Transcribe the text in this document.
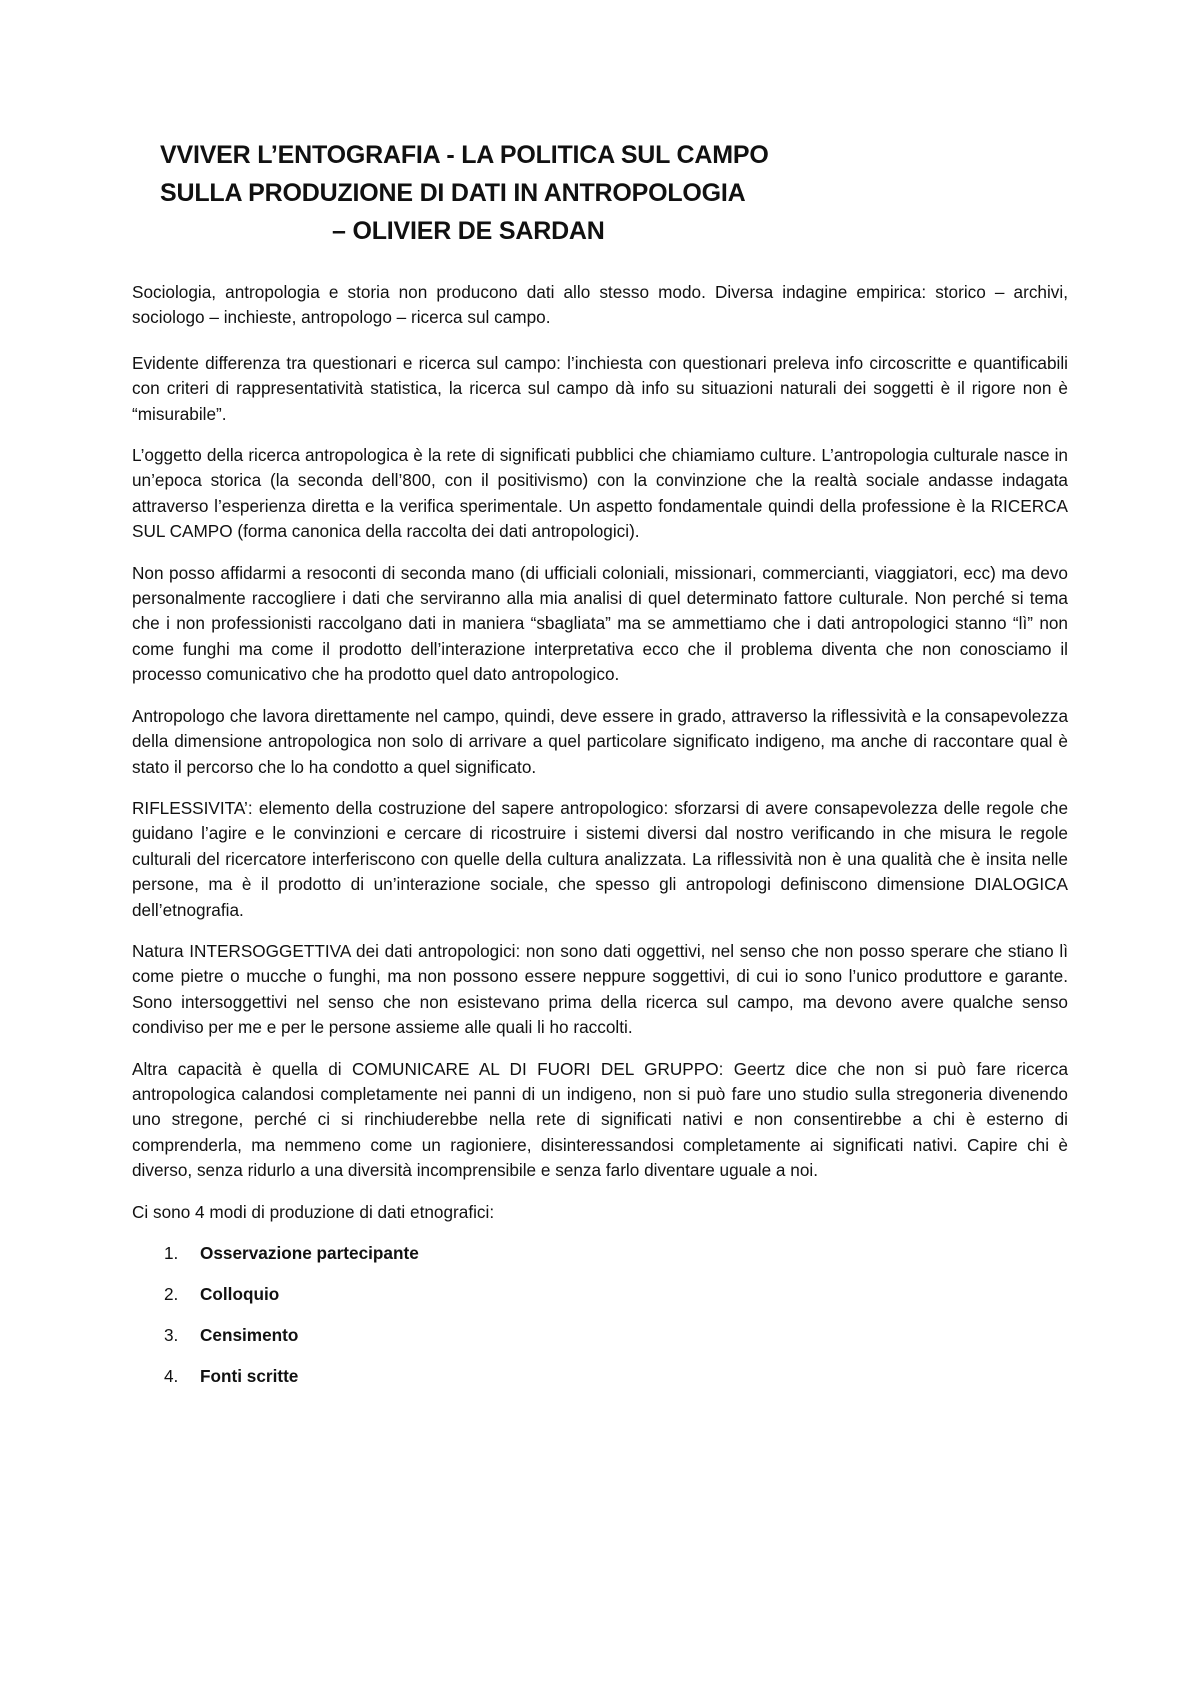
VVIVER L’ENTOGRAFIA - LA POLITICA SUL CAMPO
SULLA PRODUZIONE DI DATI IN ANTROPOLOGIA
– OLIVIER DE SARDAN

Sociologia, antropologia e storia non producono dati allo stesso modo. Diversa indagine empirica: storico – archivi, sociologo – inchieste, antropologo – ricerca sul campo.

Evidente differenza tra questionari e ricerca sul campo: l’inchiesta con questionari preleva info circoscritte e quantificabili con criteri di rappresentatività statistica, la ricerca sul campo dà info su situazioni naturali dei soggetti è il rigore non è “misurabile”.

L’oggetto della ricerca antropologica è la rete di significati pubblici che chiamiamo culture. L’antropologia culturale nasce in un’epoca storica (la seconda dell’800, con il positivismo) con la convinzione che la realtà sociale andasse indagata attraverso l’esperienza diretta e la verifica sperimentale. Un aspetto fondamentale quindi della professione è la RICERCA SUL CAMPO (forma canonica della raccolta dei dati antropologici).

Non posso affidarmi a resoconti di seconda mano (di ufficiali coloniali, missionari, commercianti, viaggiatori, ecc) ma devo personalmente raccogliere i dati che serviranno alla mia analisi di quel determinato fattore culturale. Non perché si tema che i non professionisti raccolgano dati in maniera “sbagliata” ma se ammettiamo che i dati antropologici stanno “lì” non come funghi ma come il prodotto dell’interazione interpretativa ecco che il problema diventa che non conosciamo il processo comunicativo che ha prodotto quel dato antropologico.

Antropologo che lavora direttamente nel campo, quindi, deve essere in grado, attraverso la riflessività e la consapevolezza della dimensione antropologica non solo di arrivare a quel particolare significato indigeno, ma anche di raccontare qual è stato il percorso che lo ha condotto a quel significato.

RIFLESSIVITA’: elemento della costruzione del sapere antropologico: sforzarsi di avere consapevolezza delle regole che guidano l’agire e le convinzioni e cercare di ricostruire i sistemi diversi dal nostro verificando in che misura le regole culturali del ricercatore interferiscono con quelle della cultura analizzata. La riflessività non è una qualità che è insita nelle persone, ma è il prodotto di un’interazione sociale, che spesso gli antropologi definiscono dimensione DIALOGICA dell’etnografia.

Natura INTERSOGGETTIVA dei dati antropologici: non sono dati oggettivi, nel senso che non posso sperare che stiano lì come pietre o mucche o funghi, ma non possono essere neppure soggettivi, di cui io sono l’unico produttore e garante. Sono intersoggettivi nel senso che non esistevano prima della ricerca sul campo, ma devono avere qualche senso condiviso per me e per le persone assieme alle quali li ho raccolti.

Altra capacità è quella di COMUNICARE AL DI FUORI DEL GRUPPO: Geertz dice che non si può fare ricerca antropologica calandosi completamente nei panni di un indigeno, non si può fare uno studio sulla stregoneria divenendo uno stregone, perché ci si rinchiuderebbe nella rete di significati nativi e non consentirebbe a chi è esterno di comprenderla, ma nemmeno come un ragioniere, disinteressandosi completamente ai significati nativi. Capire chi è diverso, senza ridurlo a una diversità incomprensibile e senza farlo diventare uguale a noi.

Ci sono 4 modi di produzione di dati etnografici:

1.	Osservazione partecipante
2.	Colloquio
3.	Censimento
4.	Fonti scritte
